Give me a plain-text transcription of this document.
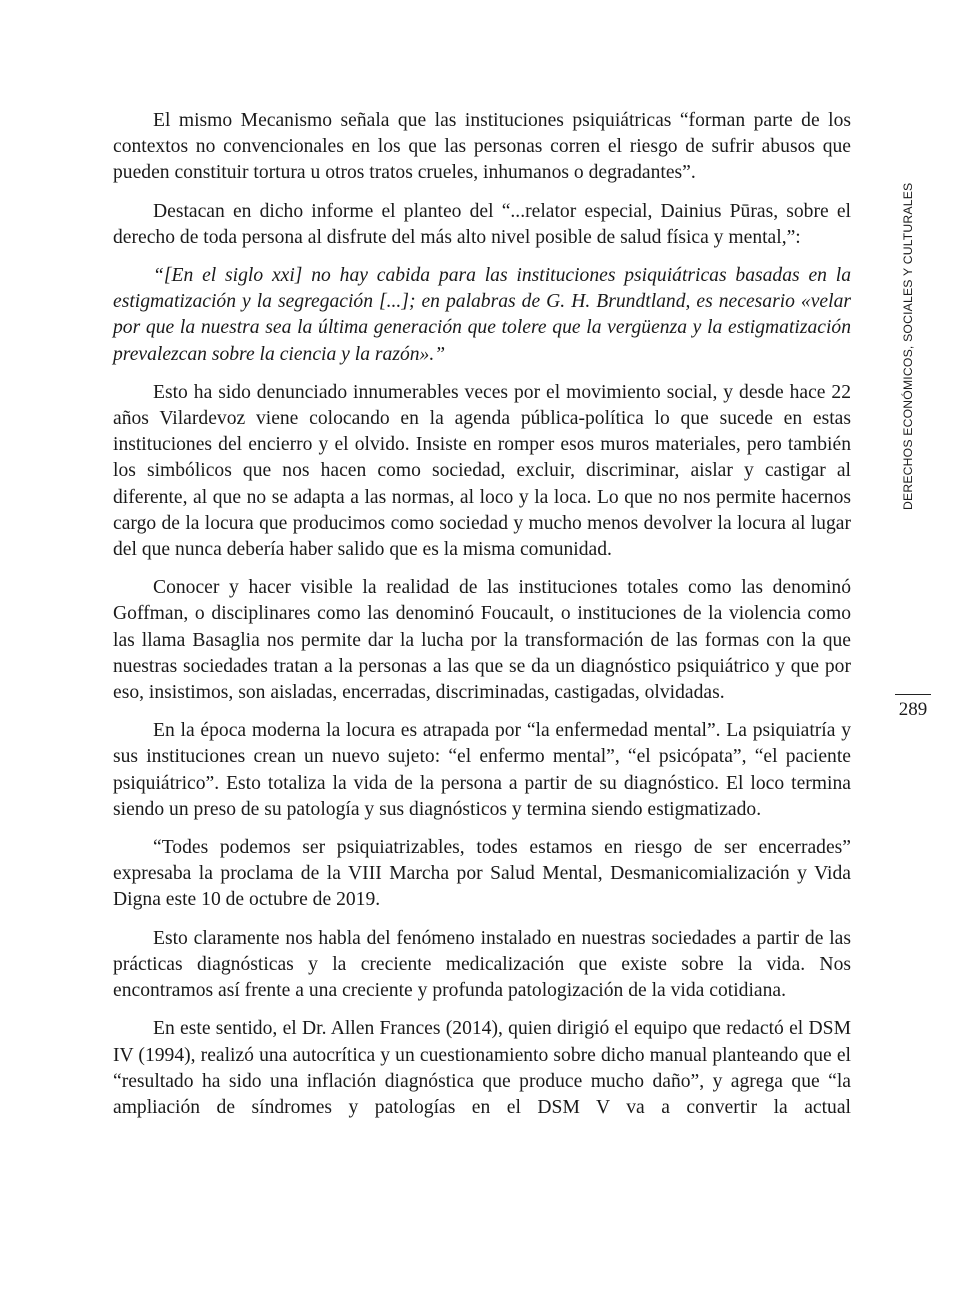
El mismo Mecanismo señala que las instituciones psiquiátricas “forman parte de los contextos no convencionales en los que las personas corren el riesgo de sufrir abusos que pueden constituir tortura u otros tratos crueles, inhumanos o degradantes”.

Destacan en dicho informe el planteo del “...relator especial, Dainius Pūras, sobre el derecho de toda persona al disfrute del más alto nivel posible de salud física y mental,”:

“[En el siglo xxi] no hay cabida para las instituciones psiquiátricas basadas en la estigmatización y la segregación [...]; en palabras de G. H. Brundtland, es necesario «velar por que la nuestra sea la última generación que tolere que la vergüenza y la estigmatización prevalezcan sobre la ciencia y la razón».”

Esto ha sido denunciado innumerables veces por el movimiento social, y desde hace 22 años Vilardevoz viene colocando en la agenda pública-política lo que sucede en estas instituciones del encierro y el olvido. Insiste en romper esos muros materiales, pero también los simbólicos que nos hacen como sociedad, excluir, discriminar, aislar y castigar al diferente, al que no se adapta a las normas, al loco y la loca. Lo que no nos permite hacernos cargo de la locura que producimos como sociedad y mucho menos devolver la locura al lugar del que nunca debería haber salido que es la misma comunidad.

Conocer y hacer visible la realidad de las instituciones totales como las denominó Goffman, o disciplinares como las denominó Foucault, o instituciones de la violencia como las llama Basaglia nos permite dar la lucha por la transformación de las formas con la que nuestras sociedades tratan a la personas a las que se da un diagnóstico psiquiátrico y que por eso, insistimos, son aisladas, encerradas, discriminadas, castigadas, olvidadas.

En la época moderna la locura es atrapada por “la enfermedad mental”. La psiquiatría y sus instituciones crean un nuevo sujeto: “el enfermo mental”, “el psicópata”, “el paciente psiquiátrico”. Esto totaliza la vida de la persona a partir de su diagnóstico. El loco termina siendo un preso de su patología y sus diagnósticos y termina siendo estigmatizado.

“Todes podemos ser psiquiatrizables, todes estamos en riesgo de ser encerrades” expresaba la proclama de la VIII Marcha por Salud Mental, Desmanicomialización y Vida Digna este 10 de octubre de 2019.

Esto claramente nos habla del fenómeno instalado en nuestras sociedades a partir de las prácticas diagnósticas y la creciente medicalización que existe sobre la vida. Nos encontramos así frente a una creciente y profunda patologización de la vida cotidiana.

En este sentido, el Dr. Allen Frances (2014), quien dirigió el equipo que redactó el DSM IV (1994), realizó una autocrítica y un cuestionamiento sobre dicho manual planteando que el “resultado ha sido una inflación diagnóstica que produce mucho daño”, y agrega que “la ampliación de síndromes y patologías en el DSM V va a convertir la actual

DERECHOS ECONÓMICOS, SOCIALES Y CULTURALES
289
